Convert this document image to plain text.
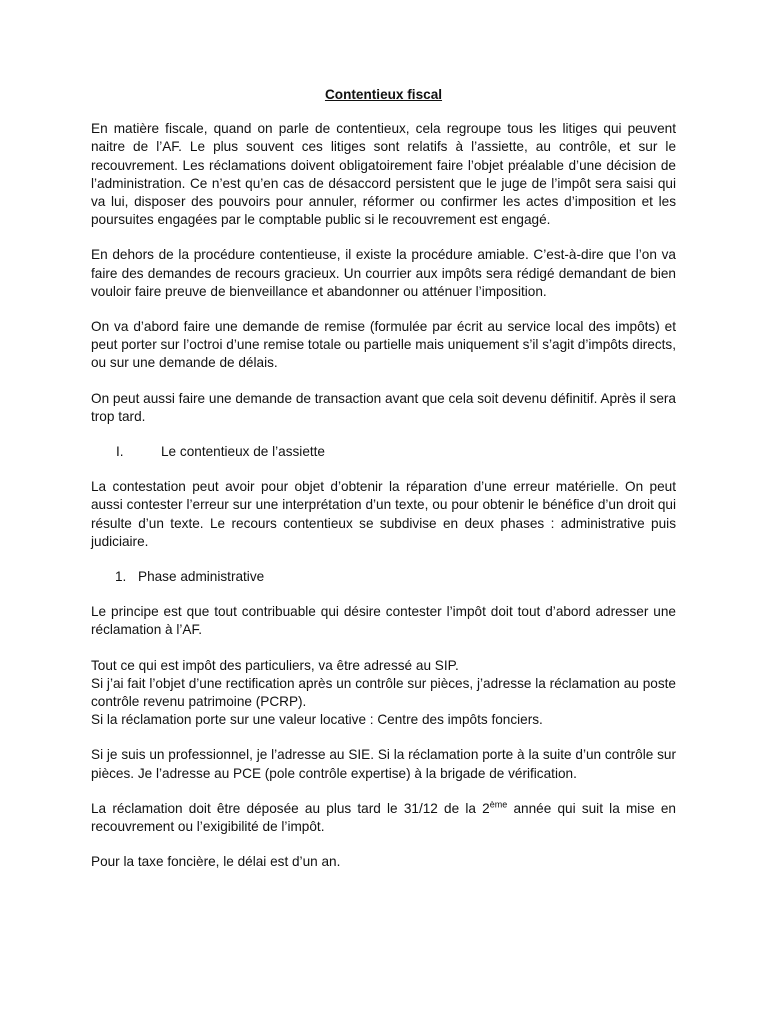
Contentieux fiscal

En matière fiscale, quand on parle de contentieux, cela regroupe tous les litiges qui peuvent naitre de l’AF. Le plus souvent ces litiges sont relatifs à l’assiette, au contrôle, et sur le recouvrement. Les réclamations doivent obligatoirement faire l’objet préalable d’une décision de l’administration. Ce n’est qu’en cas de désaccord persistent que le juge de l’impôt sera saisi qui va lui, disposer des pouvoirs pour annuler, réformer ou confirmer les actes d’imposition et les poursuites engagées par le comptable public si le recouvrement est engagé.

En dehors de la procédure contentieuse, il existe la procédure amiable. C’est-à-dire que l’on va faire des demandes de recours gracieux. Un courrier aux impôts sera rédigé demandant de bien vouloir faire preuve de bienveillance et abandonner ou atténuer l’imposition.

On va d’abord faire une demande de remise (formulée par écrit au service local des impôts) et peut porter sur l’octroi d’une remise totale ou partielle mais uniquement s’il s’agit d’impôts directs, ou sur une demande de délais.

On peut aussi faire une demande de transaction avant que cela soit devenu définitif. Après il sera trop tard.

I.	Le contentieux de l’assiette

La contestation peut avoir pour objet d’obtenir la réparation d’une erreur matérielle. On peut aussi contester l’erreur sur une interprétation d’un texte, ou pour obtenir le bénéfice d’un droit qui résulte d’un texte. Le recours contentieux se subdivise en deux phases : administrative puis judiciaire.

1. Phase administrative

Le principe est que tout contribuable qui désire contester l’impôt doit tout d’abord adresser une réclamation à l’AF.

Tout ce qui est impôt des particuliers, va être adressé au SIP.
Si j’ai fait l’objet d’une rectification après un contrôle sur pièces, j’adresse la réclamation au poste contrôle revenu patrimoine (PCRP).
Si la réclamation porte sur une valeur locative : Centre des impôts fonciers.

Si je suis un professionnel, je l’adresse au SIE. Si la réclamation porte à la suite d’un contrôle sur pièces. Je l’adresse au PCE (pole contrôle expertise) à la brigade de vérification.

La réclamation doit être déposée au plus tard le 31/12 de la 2ème année qui suit la mise en recouvrement ou l’exigibilité de l’impôt.

Pour la taxe foncière, le délai est d’un an.
